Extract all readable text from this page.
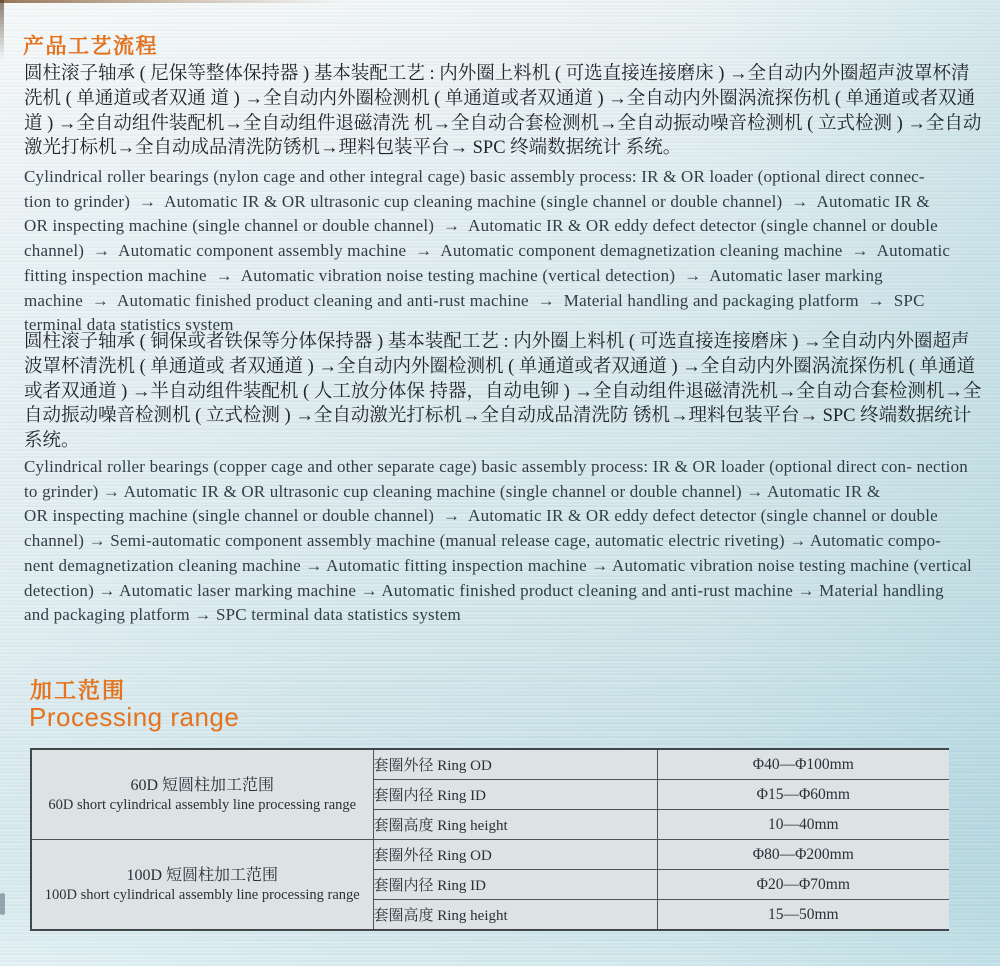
产品工艺流程
圆柱滚子轴承 ( 尼保等整体保持器 ) 基本装配工艺 : 内外圈上料机 ( 可选直接连接磨床 ) →全自动内外圈超声波罩杯清
洗机 ( 单通道或者双通 道 ) →全自动内外圈检测机 ( 单通道或者双通道 ) →全自动内外圈涡流探伤机 ( 单通道或者双通
道 ) →全自动组件装配机→全自动组件退磁清洗 机→全自动合套检测机→全自动振动噪音检测机 ( 立式检测 ) →全自动
激光打标机→全自动成品清洗防锈机→理料包装平台→ SPC 终端数据统计 系统。
Cylindrical roller bearings (nylon cage and other integral cage) basic assembly process: IR & OR loader (optional direct connec-
tion to grinder)  →  Automatic IR & OR ultrasonic cup cleaning machine (single channel or double channel)  →  Automatic IR &
OR inspecting machine (single channel or double channel)  →  Automatic IR & OR eddy defect detector (single channel or double
channel)  →  Automatic component assembly machine  →  Automatic component demagnetization cleaning machine  →  Automatic
fitting inspection machine  →  Automatic vibration noise testing machine (vertical detection)  →  Automatic laser marking
machine  →  Automatic finished product cleaning and anti-rust machine  →  Material handling and packaging platform  →  SPC
terminal data statistics system
圆柱滚子轴承 ( 铜保或者铁保等分体保持器 ) 基本装配工艺 : 内外圈上料机 ( 可选直接连接磨床 ) →全自动内外圈超声
波罩杯清洗机 ( 单通道或 者双通道 ) →全自动内外圈检测机 ( 单通道或者双通道 ) →全自动内外圈涡流探伤机 ( 单通道
或者双通道 ) →半自动组件装配机 ( 人工放分体保 持器，自动电铆 ) →全自动组件退磁清洗机→全自动合套检测机→全
自动振动噪音检测机 ( 立式检测 ) →全自动激光打标机→全自动成品清洗防 锈机→理料包装平台→ SPC 终端数据统计
系统。
Cylindrical roller bearings (copper cage and other separate cage) basic assembly process: IR & OR loader (optional direct con- nection
to grinder) → Automatic IR & OR ultrasonic cup cleaning machine (single channel or double channel) → Automatic IR &
OR inspecting machine (single channel or double channel)  →  Automatic IR & OR eddy defect detector (single channel or double
channel) → Semi-automatic component assembly machine (manual release cage, automatic electric riveting) → Automatic compo-
nent demagnetization cleaning machine → Automatic fitting inspection machine → Automatic vibration noise testing machine (vertical
detection) → Automatic laser marking machine → Automatic finished product cleaning and anti-rust machine → Material handling
and packaging platform → SPC terminal data statistics system
加工范围
Processing range
60D 短圆柱加工范围
60D short cylindrical assembly line processing range	套圈外径 Ring OD	Φ40—Φ100mm
	套圈内径 Ring ID	Φ15—Φ60mm
	套圈高度 Ring height	10—40mm

100D 短圆柱加工范围
100D short cylindrical assembly line processing range	套圈外径 Ring OD	Φ80—Φ200mm
	套圈内径 Ring ID	Φ20—Φ70mm
	套圈高度 Ring height	15—50mm
